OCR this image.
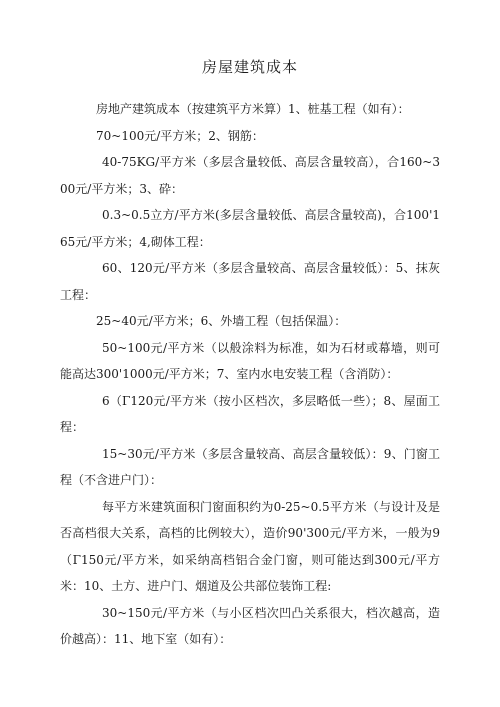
房屋建筑成本

房地产建筑成本（按建筑平方米算）1、桩基工程（如有）：

70~100元/平方米；2、钢筋：

40-75KG/平方米（多层含量较低、高层含量较高），合160~300元/平方米；3、砕：

0.3~0.5立方/平方米(多层含量较低、高层含量较高)，合100'165元/平方米；4,砌体工程：

60、120元/平方米（多层含量较高、高层含量较低）：5、抹灰工程：

25~40元/平方米；6、外墙工程（包括保温）：

50~100元/平方米（以般涂料为标准，如为石材或幕墙，则可能高达300'1000元/平方米；7、室内水电安装工程（含消防）：

6（Γ120元/平方米（按小区档次，多层略低一些）；8、屋面工程：

15~30元/平方米（多层含量较高、高层含量较低）：9、门窗工程（不含进户门）：

每平方米建筑面积门窗面积约为0-25~0.5平方米（与设计及是否高档很大关系，高档的比例较大），造价90'300元/平方米，一般为9（Γ150元/平方米，如采纳高档铝合金门窗，则可能达到300元/平方米：10、土方、进户门、烟道及公共部位装饰工程:

30~150元/平方米（与小区档次凹凸关系很大，档次越高，造价越高）：11、地下室（如有）：
